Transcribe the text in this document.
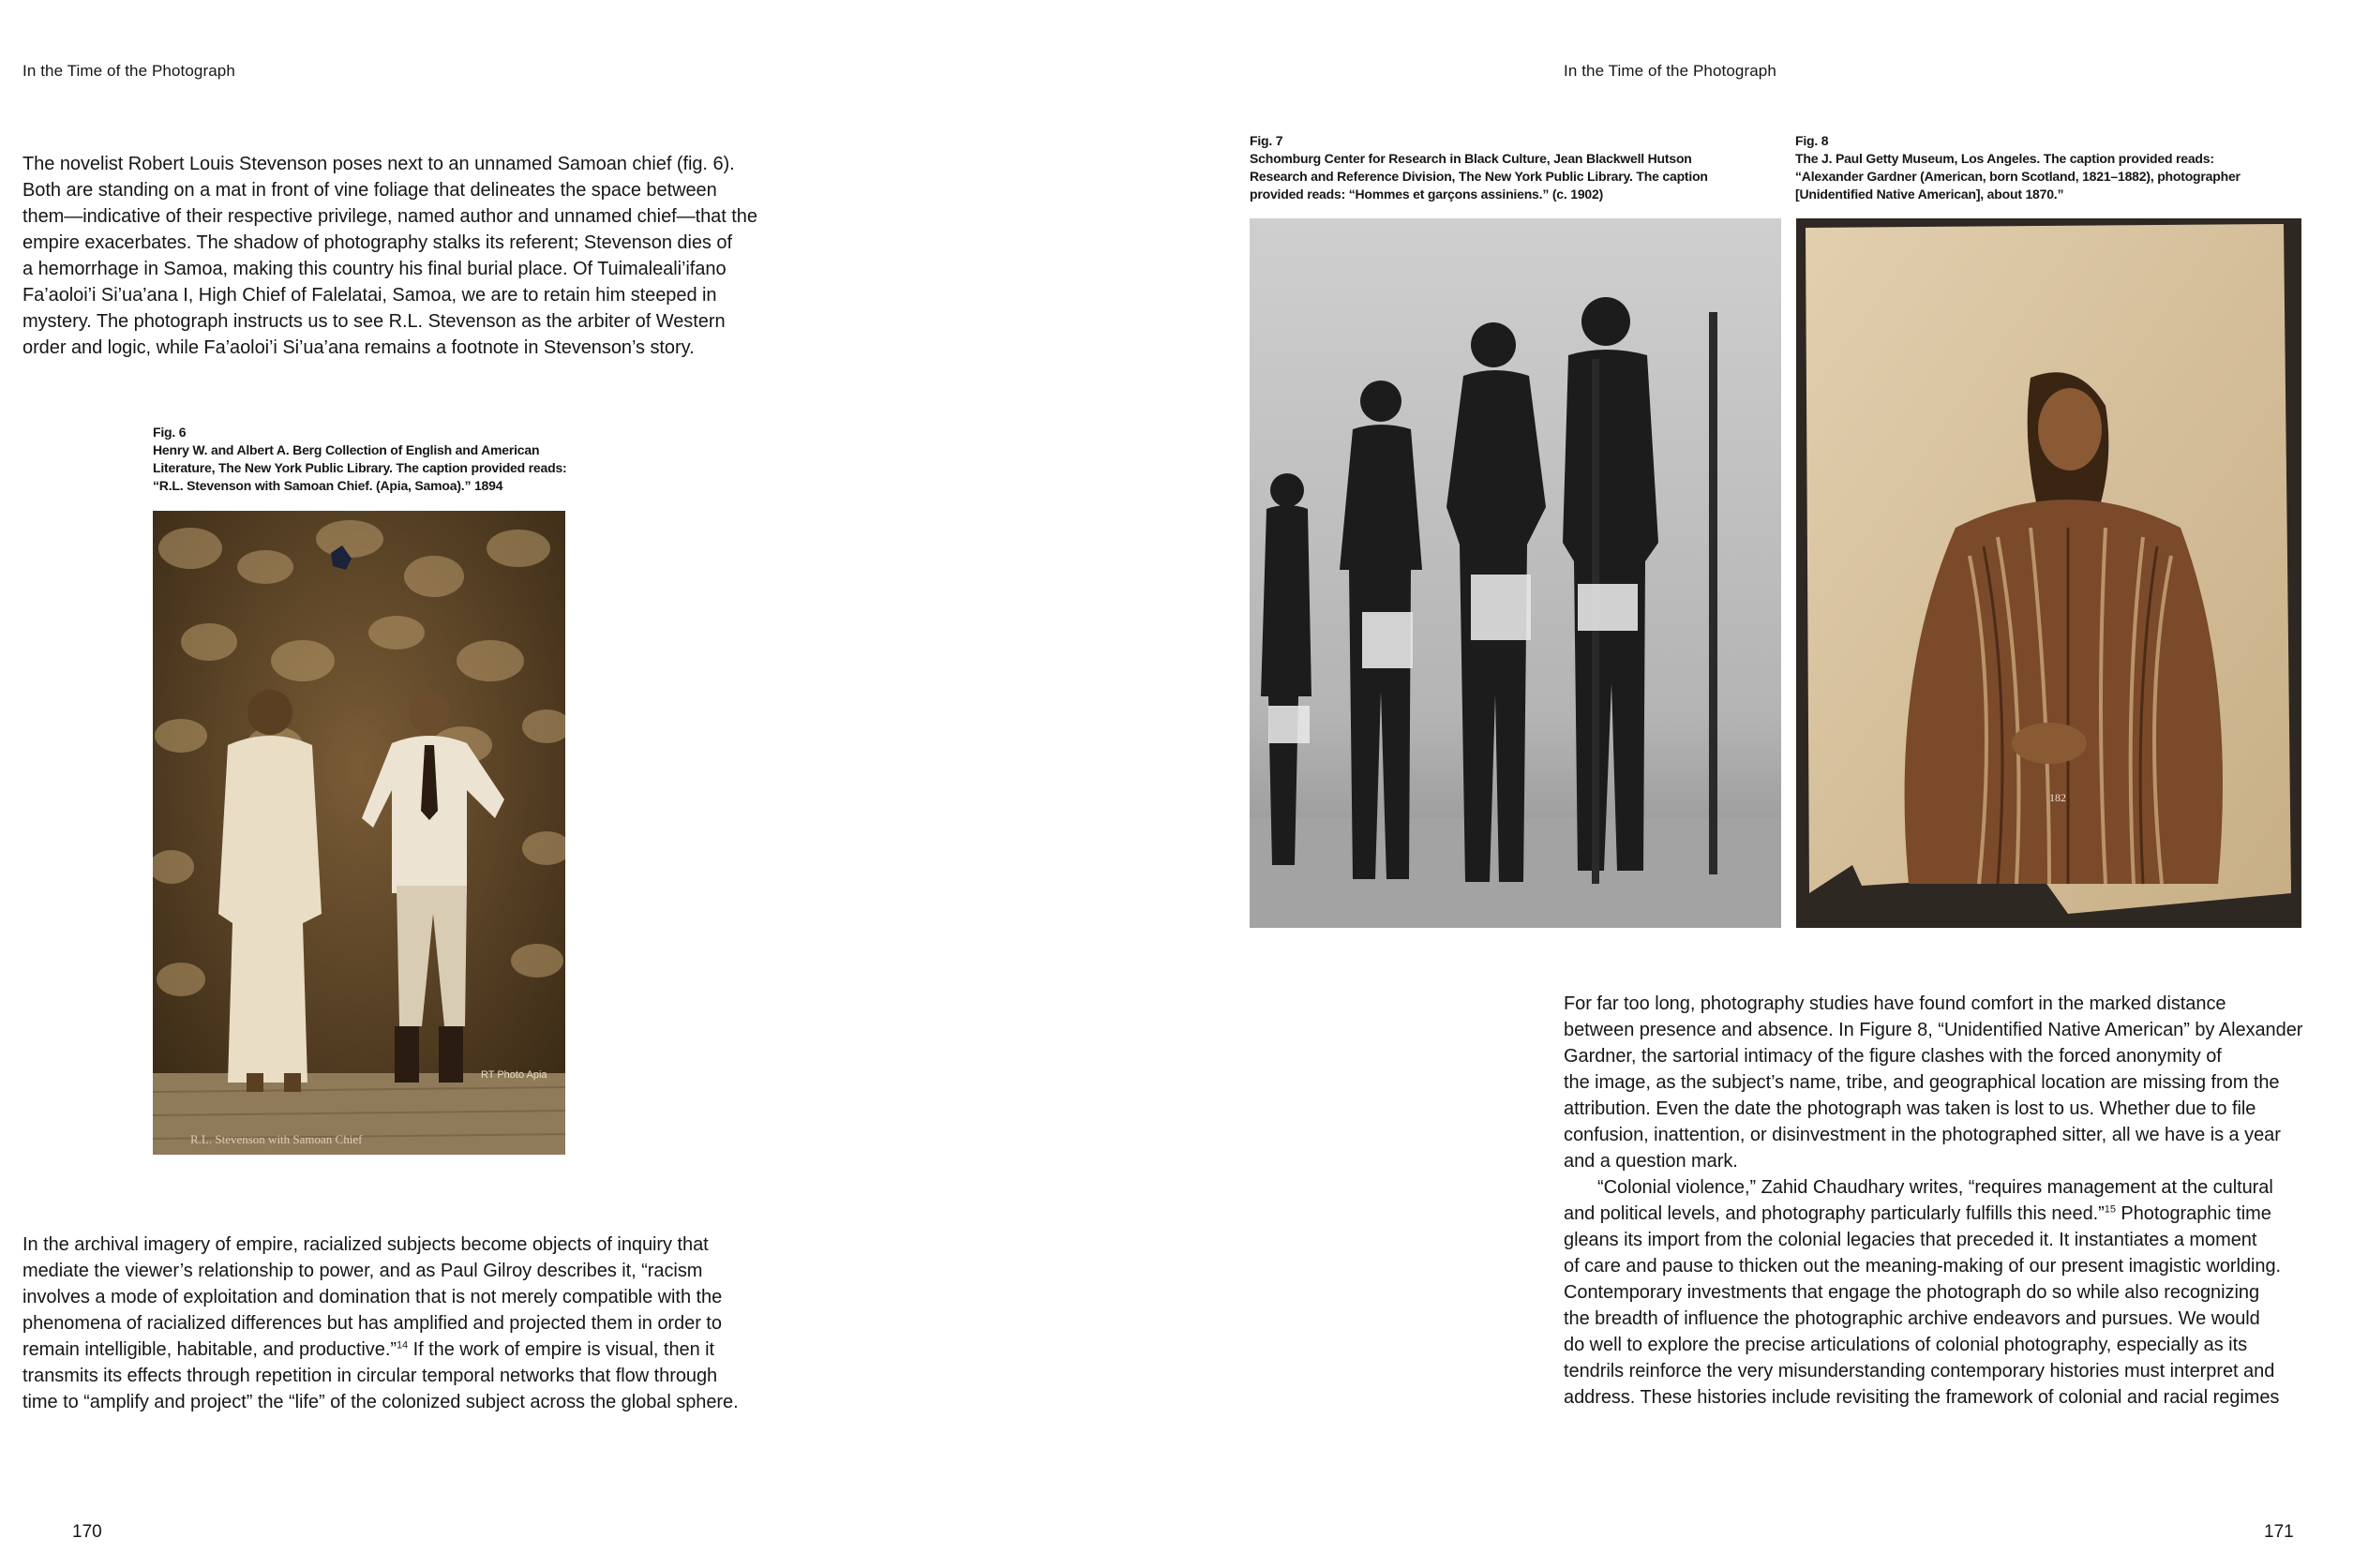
In the Time of the Photograph

The novelist Robert Louis Stevenson poses next to an unnamed Samoan chief (fig. 6).

Both are standing on a mat in front of vine foliage that delineates the space between

them—indicative of their respective privilege, named author and unnamed chief—that the

empire exacerbates. The shadow of photography stalks its referent; Stevenson dies of

a hemorrhage in Samoa, making this country his final burial place. Of Tuimaleali’ifano

Fa’aoloi’i Si’ua’ana I, High Chief of Falelatai, Samoa, we are to retain him steeped in

mystery. The photograph instructs us to see R.L. Stevenson as the arbiter of Western

order and logic, while Fa’aoloi’i Si’ua’ana remains a footnote in Stevenson’s story.

Fig. 6
Henry W. and Albert A. Berg Collection of English and American
Literature, The New York Public Library. The caption provided reads:
“R.L. Stevenson with Samoan Chief. (Apia, Samoa).” 1894
RT Photo Apia
R.L. Stevenson with Samoan Chief

In the archival imagery of empire, racialized subjects become objects of inquiry that

mediate the viewer’s relationship to power, and as Paul Gilroy describes it, “racism

involves a mode of exploitation and domination that is not merely compatible with the

phenomena of racialized differences but has amplified and projected them in order to

remain intelligible, habitable, and productive.”$^{14}$ If the work of empire is visual, then it

transmits its effects through repetition in circular temporal networks that flow through

time to “amplify and project” the “life” of the colonized subject across the global sphere.

170
In the Time of the Photograph
Fig. 7
Schomburg Center for Research in Black Culture, Jean Blackwell Hutson
Research and Reference Division, The New York Public Library. The caption
provided reads: “Hommes et garçons assiniens.” (c. 1902)
Fig. 8
The J. Paul Getty Museum, Los Angeles. The caption provided reads:
“Alexander Gardner (American, born Scotland, 1821–1882), photographer
[Unidentified Native American], about 1870.”
182

For far too long, photography studies have found comfort in the marked distance

between presence and absence. In Figure 8, “Unidentified Native American” by Alexander

Gardner, the sartorial intimacy of the figure clashes with the forced anonymity of

the image, as the subject’s name, tribe, and geographical location are missing from the

attribution. Even the date the photograph was taken is lost to us. Whether due to file

confusion, inattention, or disinvestment in the photographed sitter, all we have is a year

and a question mark.

“Colonial violence,” Zahid Chaudhary writes, “requires management at the cultural

and political levels, and photography particularly fulfills this need.”$^{15}$ Photographic time

gleans its import from the colonial legacies that preceded it. It instantiates a moment

of care and pause to thicken out the meaning-making of our present imagistic worlding.

Contemporary investments that engage the photograph do so while also recognizing

the breadth of influence the photographic archive endeavors and pursues. We would

do well to explore the precise articulations of colonial photography, especially as its

tendrils reinforce the very misunderstanding contemporary histories must interpret and

address. These histories include revisiting the framework of colonial and racial regimes

171
